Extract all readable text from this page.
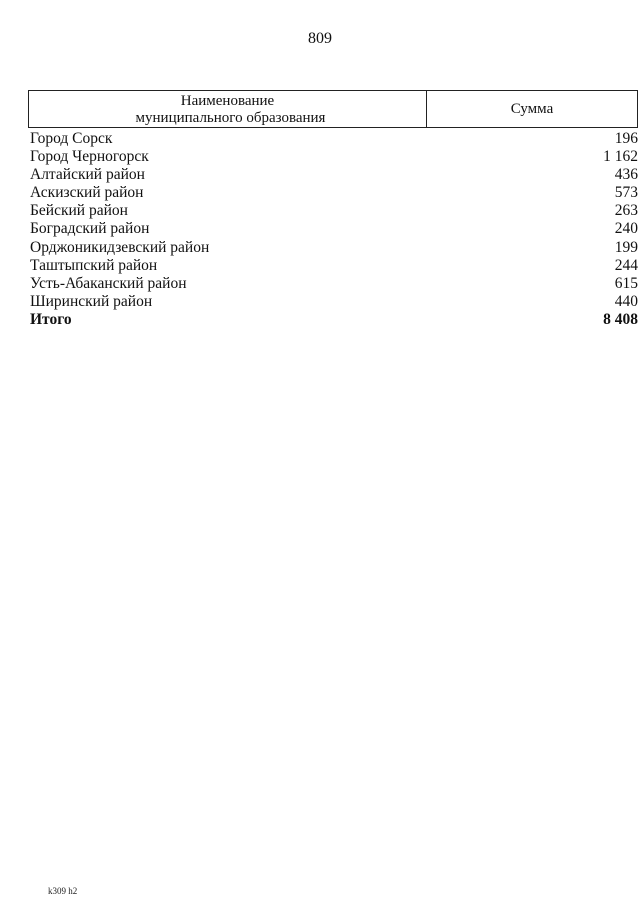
809
Наименование
муниципального образования
Сумма
Город Сорск	196
Город Черногорск	1 162
Алтайский район	436
Аскизский район	573
Бейский район	263
Боградский район	240
Орджоникидзевский район	199
Таштыпский район	244
Усть-Абаканский район	615
Ширинский район	440
Итого	8 408
k309 h2
